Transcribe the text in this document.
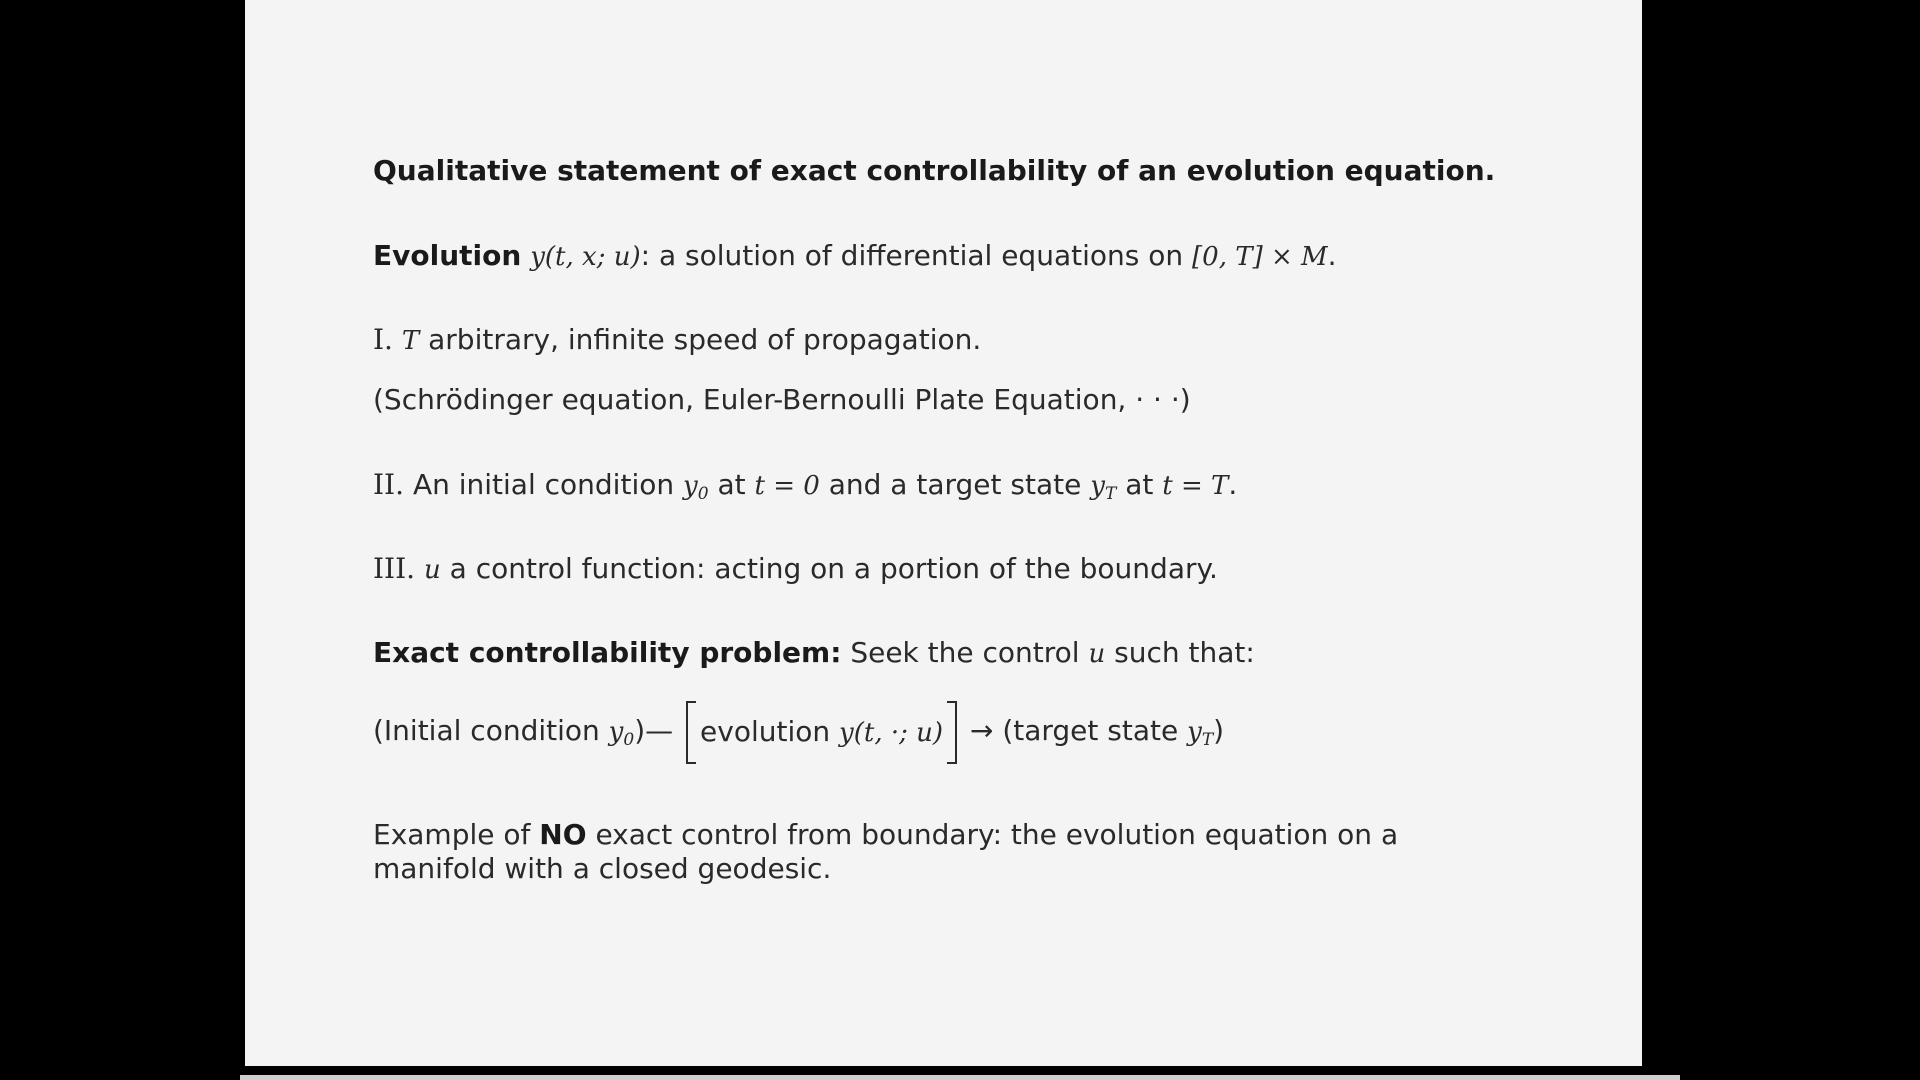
Qualitative statement of exact controllability of an evolution equation.
Evolution y(t, x; u): a solution of differential equations on [0, T] × M.
I. T arbitrary, infinite speed of propagation.
(Schrödinger equation, Euler-Bernoulli Plate Equation, · · ·)
II. An initial condition $y_0$ at t = 0 and a target state $y_T$ at t = T.
III. u a control function: acting on a portion of the boundary.
Exact controllability problem: Seek the control u such that:
(Initial condition $y_0)—$ evolution y(t, ·; u) → (target state $y_T$)
Example of NO exact control from boundary: the evolution equation on a
manifold with a closed geodesic.
